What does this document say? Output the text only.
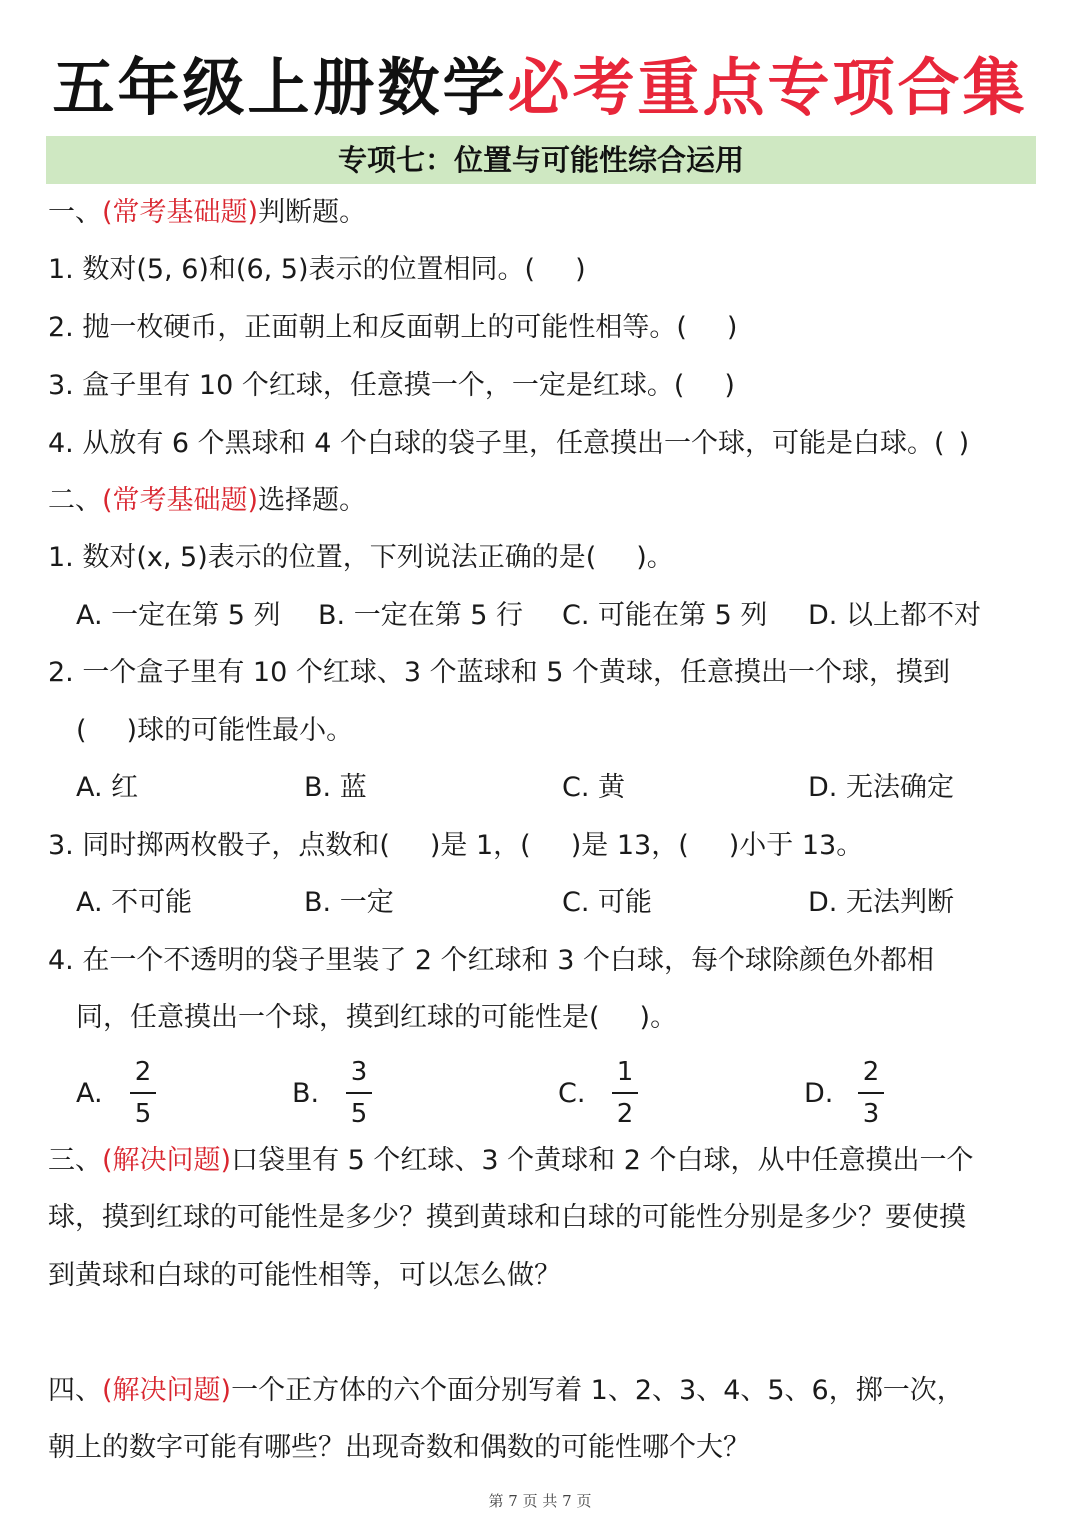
五年级上册数学必考重点专项合集
专项七：位置与可能性综合运用
一、(常考基础题)判断题。
1. 数对(5, 6)和(6, 5)表示的位置相同。( )
2. 抛一枚硬币，正面朝上和反面朝上的可能性相等。( )
3. 盒子里有 10 个红球，任意摸一个，一定是红球。( )
4. 从放有 6 个黑球和 4 个白球的袋子里，任意摸出一个球，可能是白球。( )
二、(常考基础题)选择题。
1. 数对(x, 5)表示的位置，下列说法正确的是( )。
A. 一定在第 5 列 B. 一定在第 5 行 C. 可能在第 5 列 D. 以上都不对
2. 一个盒子里有 10 个红球、3 个蓝球和 5 个黄球，任意摸出一个球，摸到
( )球的可能性最小。
A. 红	B. 蓝	C. 黄	D. 无法确定
3. 同时掷两枚骰子，点数和( )是 1，( )是 13，( )小于 13。
A. 不可能	B. 一定	C. 可能	D. 无法判断
4. 在一个不透明的袋子里装了 2 个红球和 3 个白球，每个球除颜色外都相
同，任意摸出一个球，摸到红球的可能性是( )。
A.
2
5
B.
3
5
C.
1
2
D.
2
3
三、(解决问题)口袋里有 5 个红球、3 个黄球和 2 个白球，从中任意摸出一个
球，摸到红球的可能性是多少？摸到黄球和白球的可能性分别是多少？要使摸
到黄球和白球的可能性相等，可以怎么做？
四、(解决问题)一个正方体的六个面分别写着 1、2、3、4、5、6，掷一次，
朝上的数字可能有哪些？出现奇数和偶数的可能性哪个大？
第 7 页 共 7 页
